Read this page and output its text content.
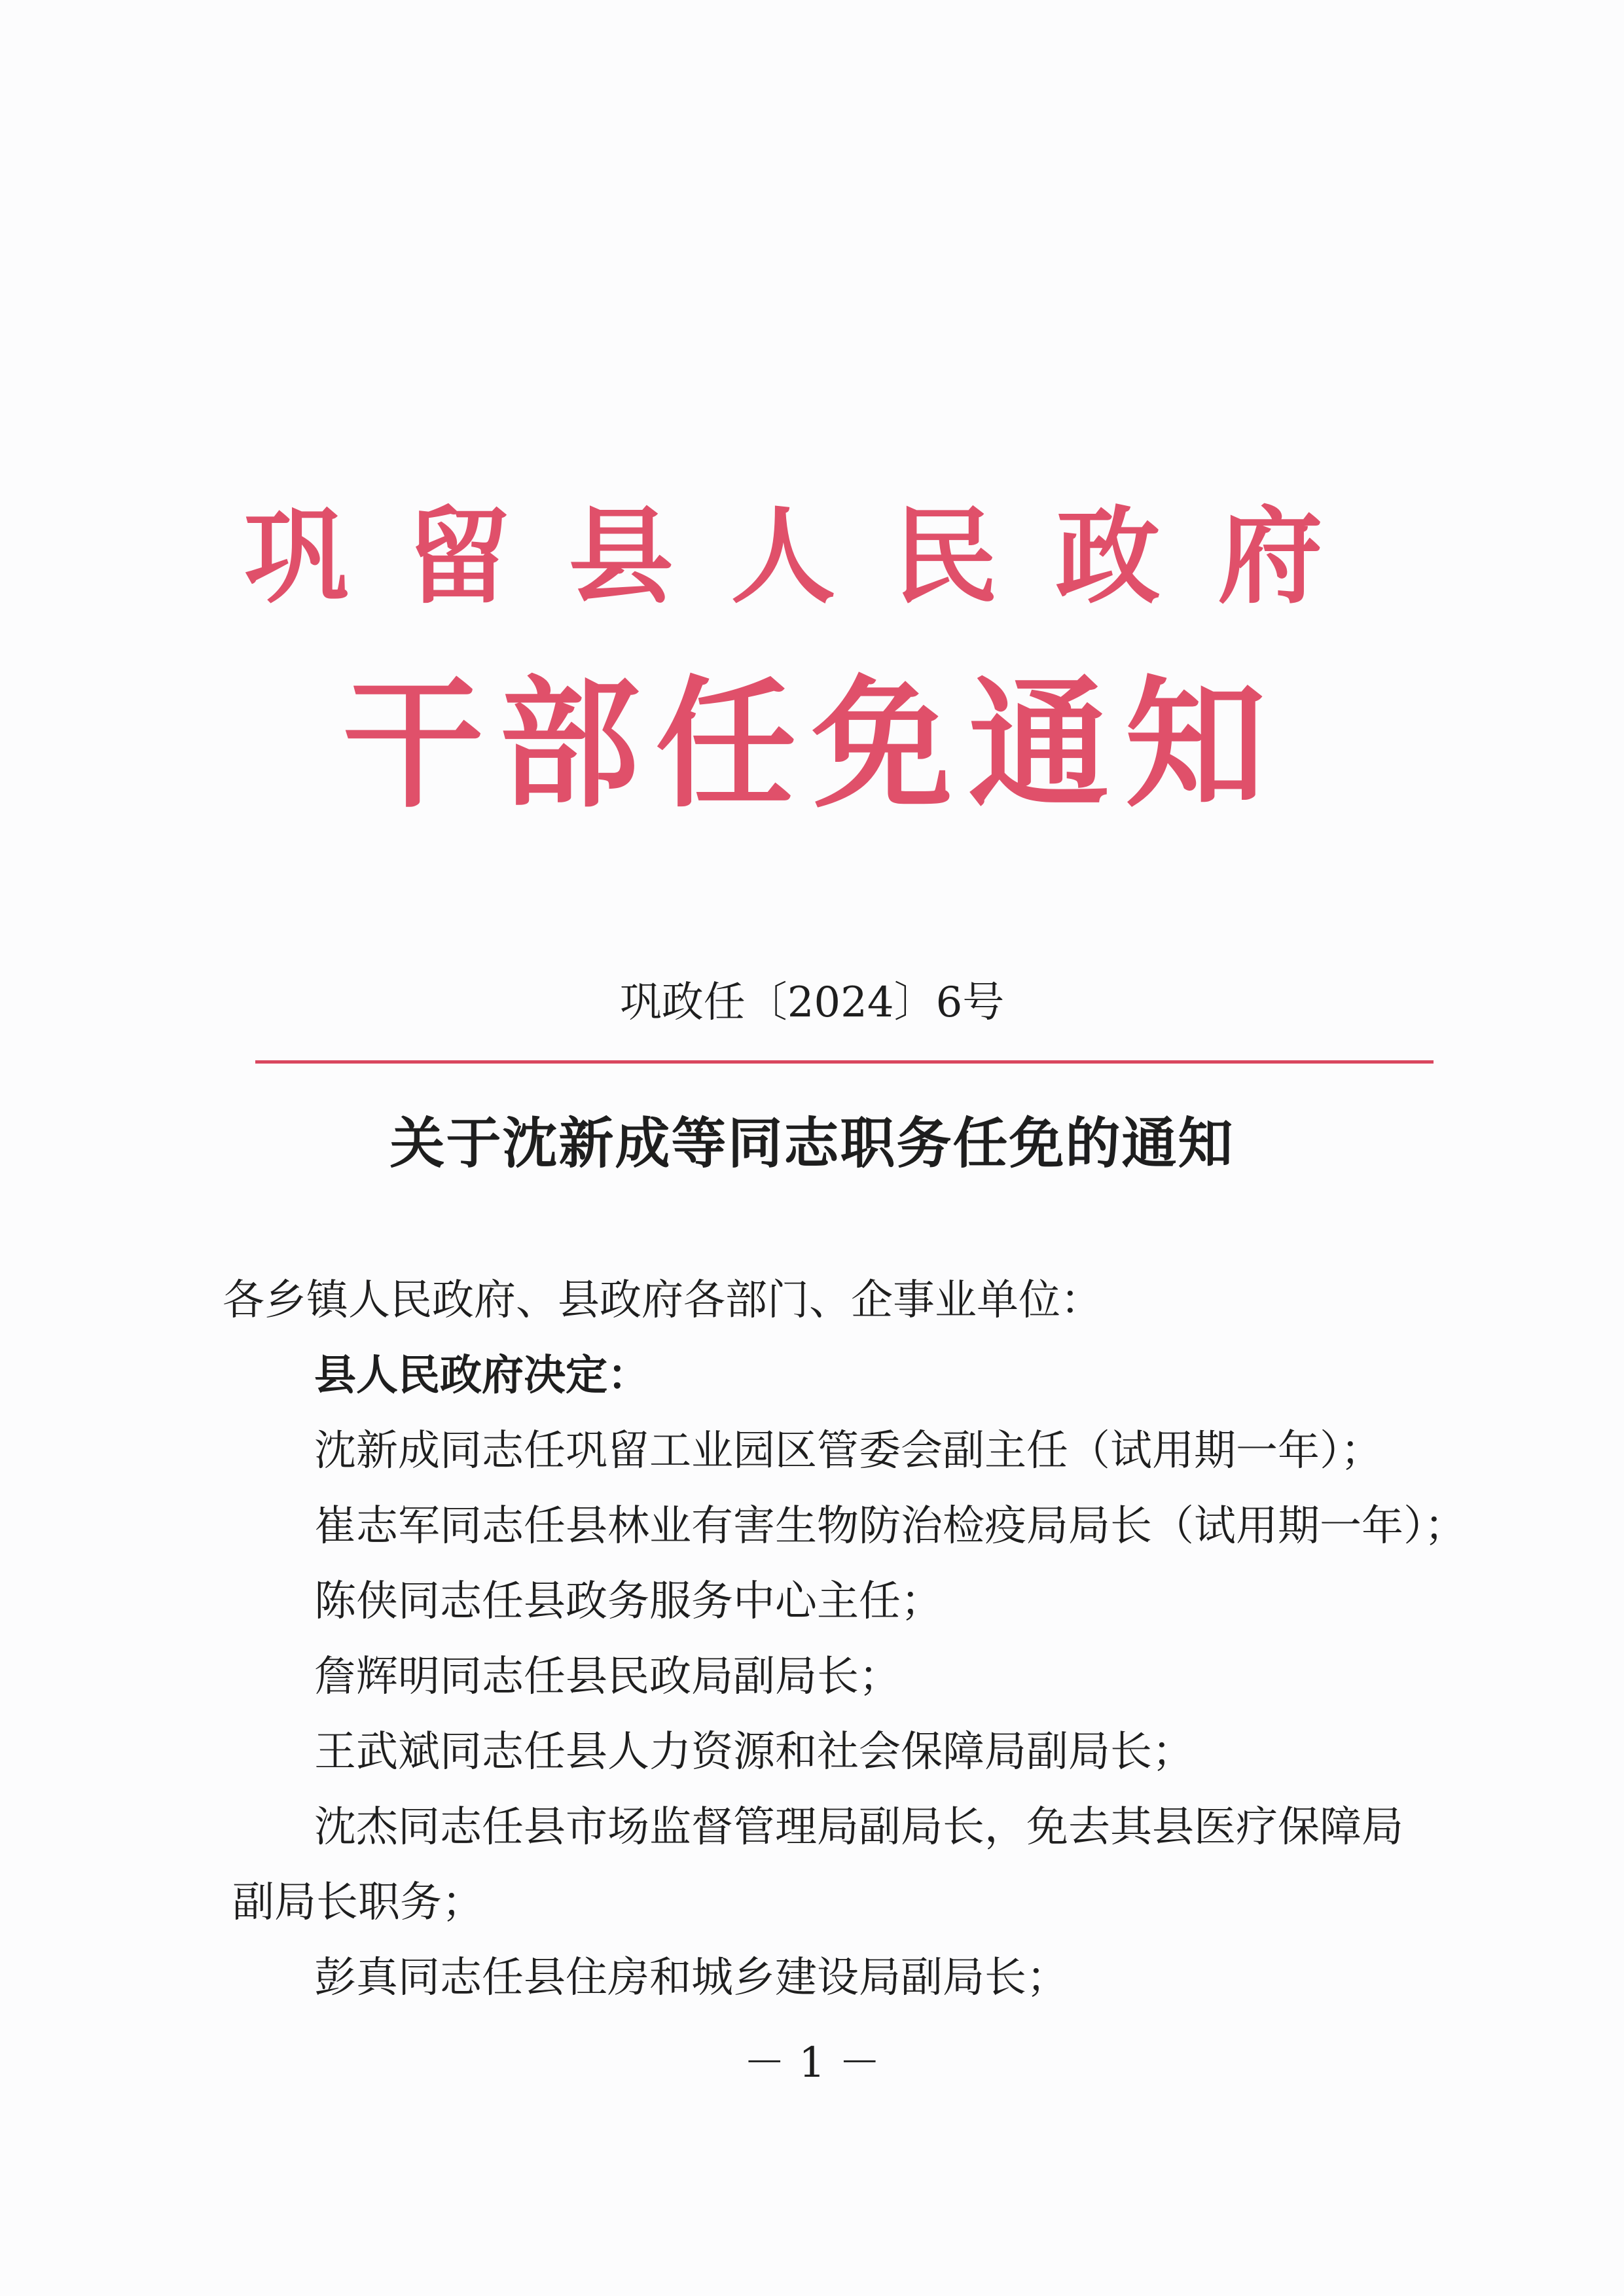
巩留县人民政府
干部任免通知
巩政任〔2024〕6号
关于沈新成等同志职务任免的通知
各乡镇人民政府、县政府各部门、企事业单位：
县人民政府决定：
沈新成同志任巩留工业园区管委会副主任（试用期一年）；
崔志军同志任县林业有害生物防治检疫局局长（试用期一年）；
陈侠同志任县政务服务中心主任；
詹辉明同志任县民政局副局长；
王武斌同志任县人力资源和社会保障局副局长；
沈杰同志任县市场监督管理局副局长，免去其县医疗保障局
副局长职务；
彭真同志任县住房和城乡建设局副局长；
－ 1 －
